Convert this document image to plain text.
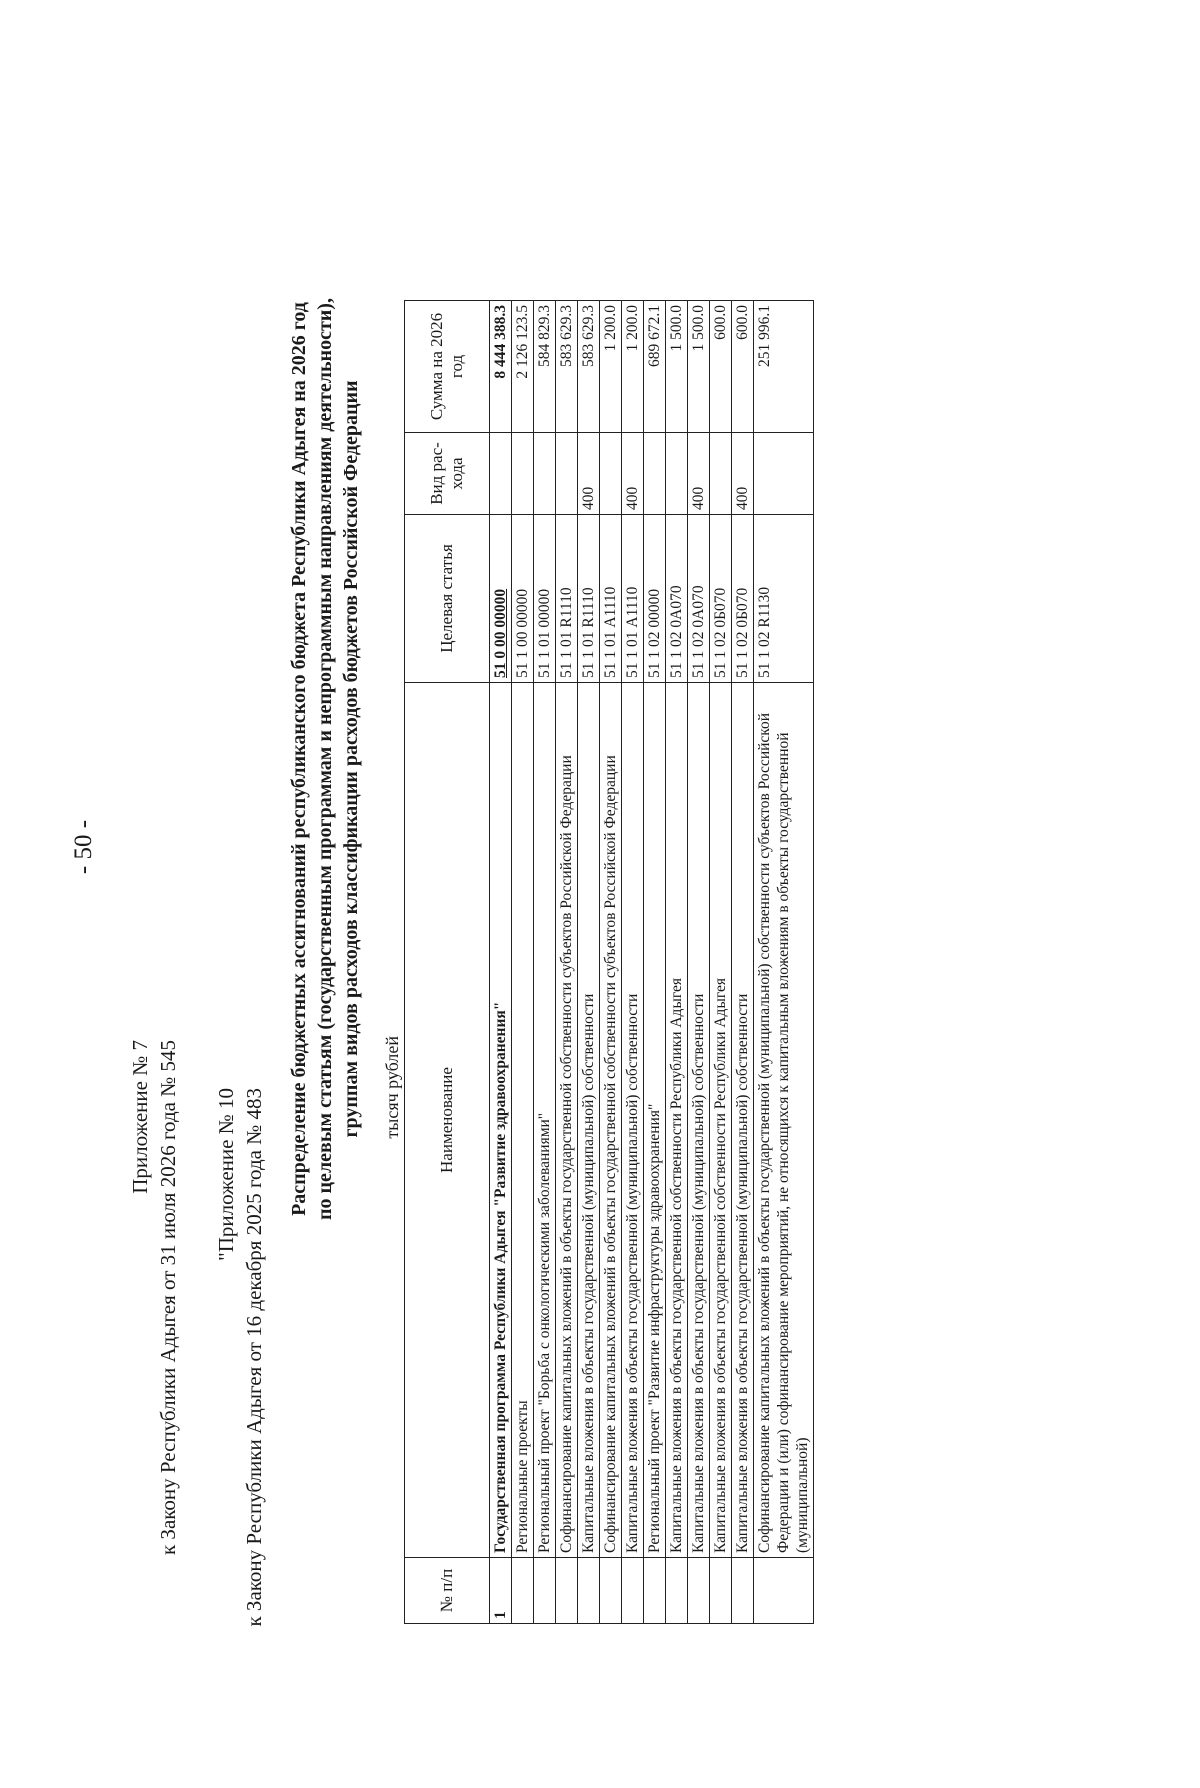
- 50 -
Приложение № 7 к Закону Республики Адыгея от 31 июля 2026 года № 545 "Приложение № 10 к Закону Республики Адыгея от 16 декабря 2025 года № 483
Распределение бюджетных ассигнований республиканского бюджета Республики Адыгея на 2026 год по целевым статьям (государственным программам и непрограммным направлениям деятельности), группам видов расходов классификации расходов бюджетов Российской Федерации тысяч рублей
№ п/п	Наименование	Целевая статья	Вид рас-хода	Сумма на 2026 год
1	Государственная программа Республики Адыгея "Развитие здравоохранения"	51 0 00 00000		8 444 388.3
	Региональные проекты	51 1 00 00000		2 126 123.5
	Региональный проект "Борьба с онкологическими заболеваниями"	51 1 01 00000		584 829.3
	Софинансирование капитальных вложений в объекты государственной собственности субъектов Российской Федерации	51 1 01 R1110		583 629.3
	Капитальные вложения в объекты государственной (муниципальной) собственности	51 1 01 R1110	400	583 629.3
	Софинансирование капитальных вложений в объекты государственной собственности субъектов Российской Федерации	51 1 01 А1110		1 200.0
	Капитальные вложения в объекты государственной (муниципальной) собственности	51 1 01 А1110	400	1 200.0
	Региональный проект "Развитие инфраструктуры здравоохранения"	51 1 02 00000		689 672.1
	Капитальные вложения в объекты государственной собственности Республики Адыгея	51 1 02 0А070		1 500.0
	Капитальные вложения в объекты государственной (муниципальной) собственности	51 1 02 0А070	400	1 500.0
	Капитальные вложения в объекты государственной собственности Республики Адыгея	51 1 02 0Б070		600.0
	Капитальные вложения в объекты государственной (муниципальной) собственности	51 1 02 0Б070	400	600.0
	Софинансирование капитальных вложений в объекты государственной (муниципальной) собственности субъектов Российской Федерации и (или) софинансирование мероприятий, не относящихся к капитальным вложениям в объекты государственной (муниципальной)	51 1 02 R1130		251 996.1
